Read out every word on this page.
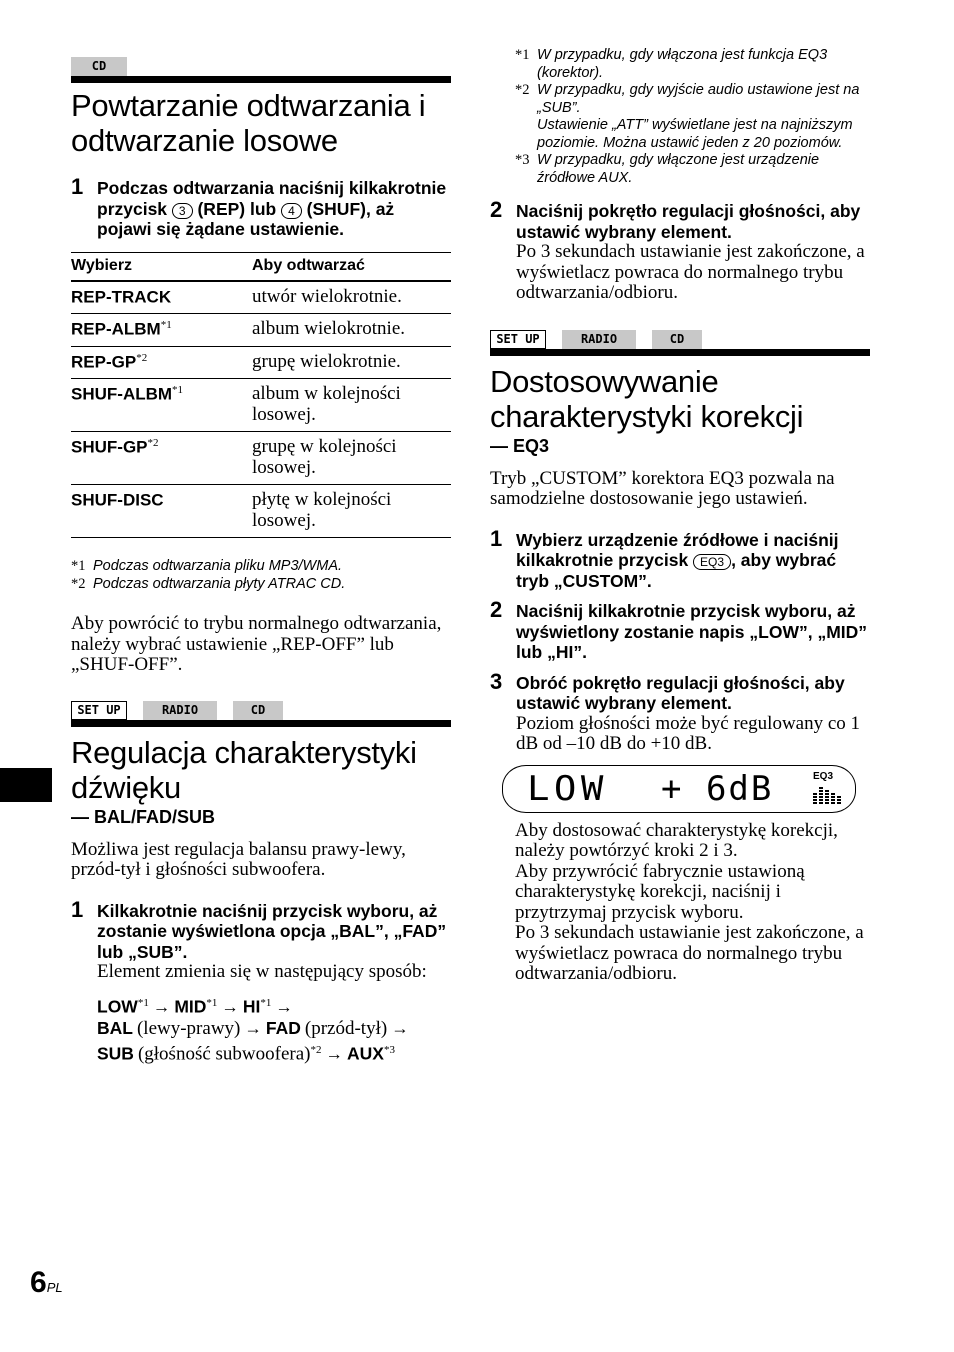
CD
Powtarzanie odtwarzania i odtwarzanie losowe
1 Podczas odtwarzania naciśnij kilkakrotnie przycisk 3 (REP) lub 4 (SHUF), aż pojawi się żądane ustawienie.
Wybierz	Aby odtwarzać
REP-TRACK	utwór wielokrotnie.
REP-ALBM$^{*1}$	album wielokrotnie.
REP-GP$^{*2}$	grupę wielokrotnie.
SHUF-ALBM$^{*1}$	album w kolejności losowej.
SHUF-GP$^{*2}$	grupę w kolejności losowej.
SHUF-DISC	płytę w kolejności losowej.
*1 Podczas odtwarzania pliku MP3/WMA.
*2 Podczas odtwarzania płyty ATRAC CD.
Aby powrócić to trybu normalnego odtwarzania, należy wybrać ustawienie „REP-OFF” lub „SHUF-OFF”.
SET UP	RADIO	CD
Regulacja charakterystyki dźwięku
— BAL/FAD/SUB
Możliwa jest regulacja balansu prawy-lewy, przód-tył i głośności subwoofera.
1 Kilkakrotnie naciśnij przycisk wyboru, aż zostanie wyświetlona opcja „BAL”, „FAD” lub „SUB”.
Element zmienia się w następujący sposób:
$LOW^{*1} \to MID^{*1} \to HI^{*1}$ →
BAL (lewy-prawy) → FAD (przód-tył) →
SUB (głośność subwoofera)$^{*2}$ → $AUX^{*3}$
*1 W przypadku, gdy włączona jest funkcja EQ3 (korektor).
*2 W przypadku, gdy wyjście audio ustawione jest na „SUB”.
Ustawienie „ATT” wyświetlane jest na najniższym poziomie. Można ustawić jeden z 20 poziomów.
*3 W przypadku, gdy włączone jest urządzenie źródłowe AUX.
2 Naciśnij pokrętło regulacji głośności, aby ustawić wybrany element.
Po 3 sekundach ustawianie jest zakończone, a wyświetlacz powraca do normalnego trybu odtwarzania/odbioru.
SET UP	RADIO	CD
Dostosowywanie charakterystyki korekcji
— EQ3
Tryb „CUSTOM” korektora EQ3 pozwala na samodzielne dostosowanie jego ustawień.
1 Wybierz urządzenie źródłowe i naciśnij kilkakrotnie przycisk EQ3 , aby wybrać tryb „CUSTOM”.
2 Naciśnij kilkakrotnie przycisk wyboru, aż wyświetlony zostanie napis „LOW”, „MID” lub „HI”.
3 Obróć pokrętło regulacji głośności, aby ustawić wybrany element.
Poziom głośności może być regulowany co 1 dB od –10 dB do +10 dB.
LOW + 6dB	EQ3
Aby dostosować charakterystykę korekcji, należy powtórzyć kroki 2 i 3.
Aby przywrócić fabrycznie ustawioną charakterystykę korekcji, naciśnij i przytrzymaj przycisk wyboru.
Po 3 sekundach ustawianie jest zakończone, a wyświetlacz powraca do normalnego trybu odtwarzania/odbioru.
6PL
